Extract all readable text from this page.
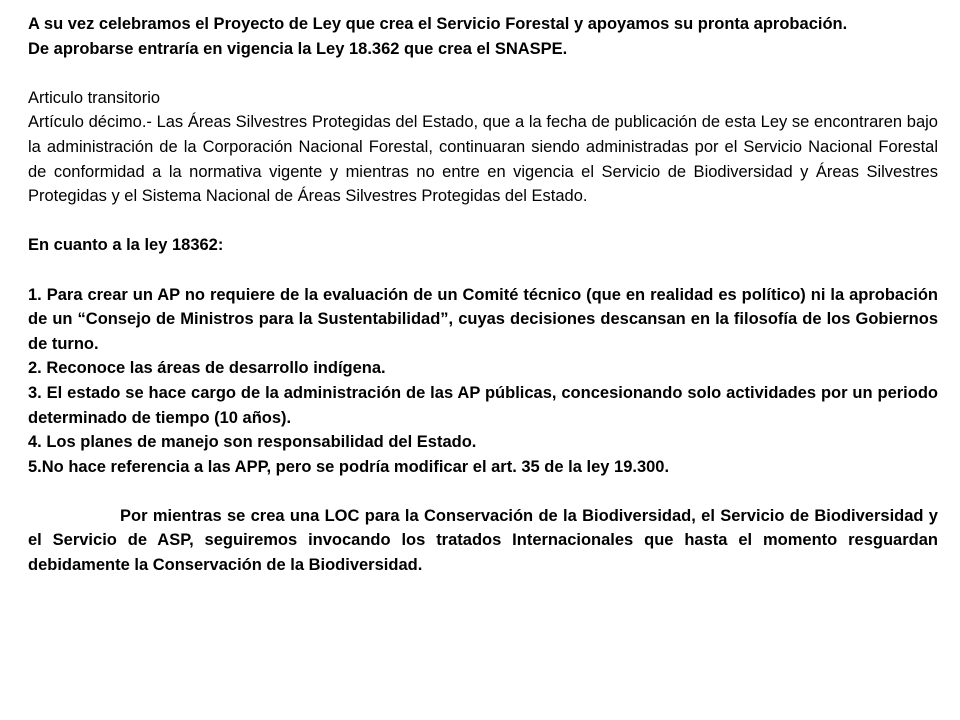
A su vez celebramos el Proyecto de Ley que crea el Servicio Forestal y apoyamos su pronta aprobación.
De aprobarse entraría en vigencia la Ley 18.362 que crea el SNASPE.

Articulo transitorio

Artículo décimo.- Las Áreas Silvestres Protegidas del Estado, que a la fecha de publicación de esta Ley se encontraren bajo la administración de la Corporación Nacional Forestal, continuaran siendo administradas por el Servicio Nacional Forestal de conformidad a la normativa vigente y mientras no entre en vigencia el Servicio de Biodiversidad y Áreas Silvestres Protegidas y el Sistema Nacional de Áreas Silvestres Protegidas del Estado.

En cuanto a la ley 18362:

1. Para crear un AP no requiere de la evaluación de un Comité técnico (que en realidad es político) ni la aprobación de un “Consejo de Ministros para la Sustentabilidad”, cuyas decisiones descansan en la filosofía de los Gobiernos de turno.

2. Reconoce las áreas de desarrollo indígena.

3. El estado se hace cargo de la administración de las AP públicas, concesionando solo actividades por un periodo determinado de tiempo (10 años).

4. Los planes de manejo son responsabilidad del Estado.

5.No hace referencia a las APP, pero se podría modificar el art. 35 de la ley 19.300.

Por mientras se crea una LOC para la Conservación de la Biodiversidad, el Servicio de Biodiversidad y el Servicio de ASP, seguiremos invocando los tratados Internacionales que hasta el momento resguardan debidamente la Conservación de la Biodiversidad.
